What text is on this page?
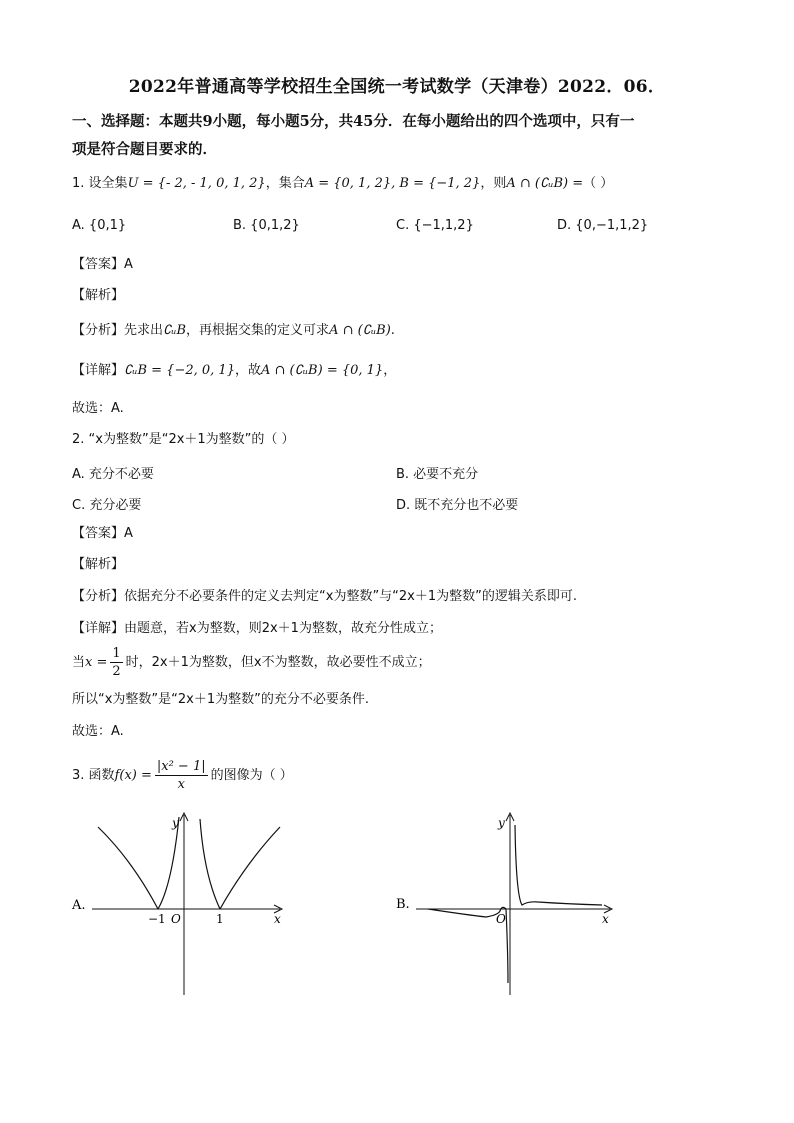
2022年普通高等学校招生全国统一考试数学（天津卷）2022．06．
一、选择题：本题共9小题，每小题5分，共45分．在每小题给出的四个选项中，只有一
项是符合题目要求的．
1. 设全集U = {- 2, - 1, 0, 1, 2}，集合A = {0, 1, 2}, B = {−1, 2}，则A ∩ (∁ᵤB) =（ ）
A. {0,1}	B. {0,1,2}	C. {−1,1,2}	D. {0,−1,1,2}
【答案】A
【解析】
【分析】先求出∁ᵤB，再根据交集的定义可求A ∩ (∁ᵤB).
【详解】∁ᵤB = {−2, 0, 1}，故A ∩ (∁ᵤB) = {0, 1}，
故选：A.
2. “x为整数”是“2x＋1为整数”的（ ）
A. 充分不必要	B. 必要不充分
C. 充分必要	D. 既不充分也不必要
【答案】A
【解析】
【分析】依据充分不必要条件的定义去判定“x为整数”与“2x＋1为整数”的逻辑关系即可.
【详解】由题意，若x为整数，则2x＋1为整数，故充分性成立；
当$x = \frac{1}{2}$ 时，2x＋1为整数，但x不为整数，故必要性不成立；
所以“x为整数”是“2x＋1为整数”的充分不必要条件.
故选：A.
3. 函数$f(x) = \frac{\text{|x² − 1|}}{x}$ 的图像为（ ）
A.
−1	1
O
y
x
B.
O
y
x
